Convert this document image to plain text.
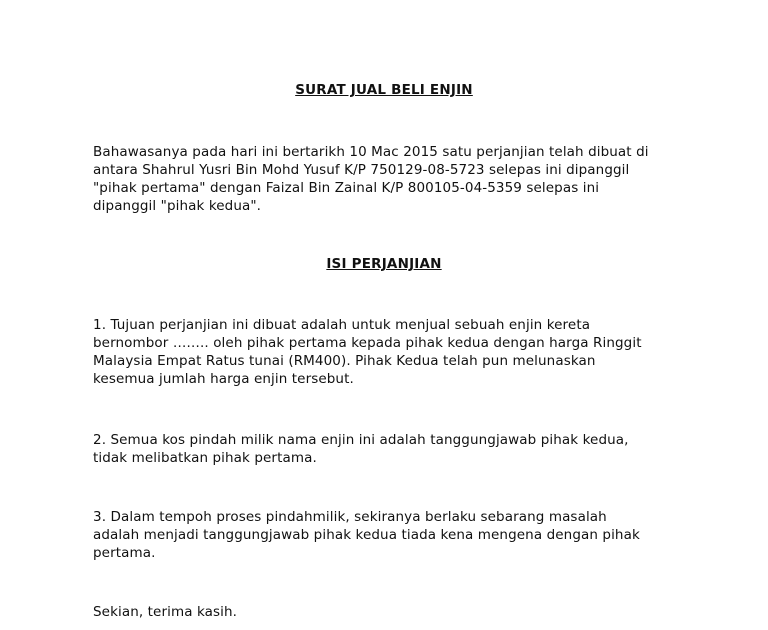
SURAT JUAL BELI ENJIN

Bahawasanya pada hari ini bertarikh 10 Mac 2015 satu perjanjian telah dibuat di
antara Shahrul Yusri Bin Mohd Yusuf K/P 750129-08-5723 selepas ini dipanggil
"pihak pertama" dengan Faizal Bin Zainal K/P 800105-04-5359 selepas ini
dipanggil "pihak kedua".

ISI PERJANJIAN

1. Tujuan perjanjian ini dibuat adalah untuk menjual sebuah enjin kereta
bernombor …….. oleh pihak pertama kepada pihak kedua dengan harga Ringgit
Malaysia Empat Ratus tunai (RM400). Pihak Kedua telah pun melunaskan
kesemua jumlah harga enjin tersebut.

2. Semua kos pindah milik nama enjin ini adalah tanggungjawab pihak kedua,
tidak melibatkan pihak pertama.

3. Dalam tempoh proses pindahmilik, sekiranya berlaku sebarang masalah
adalah menjadi tanggungjawab pihak kedua tiada kena mengena dengan pihak
pertama.

Sekian, terima kasih.
